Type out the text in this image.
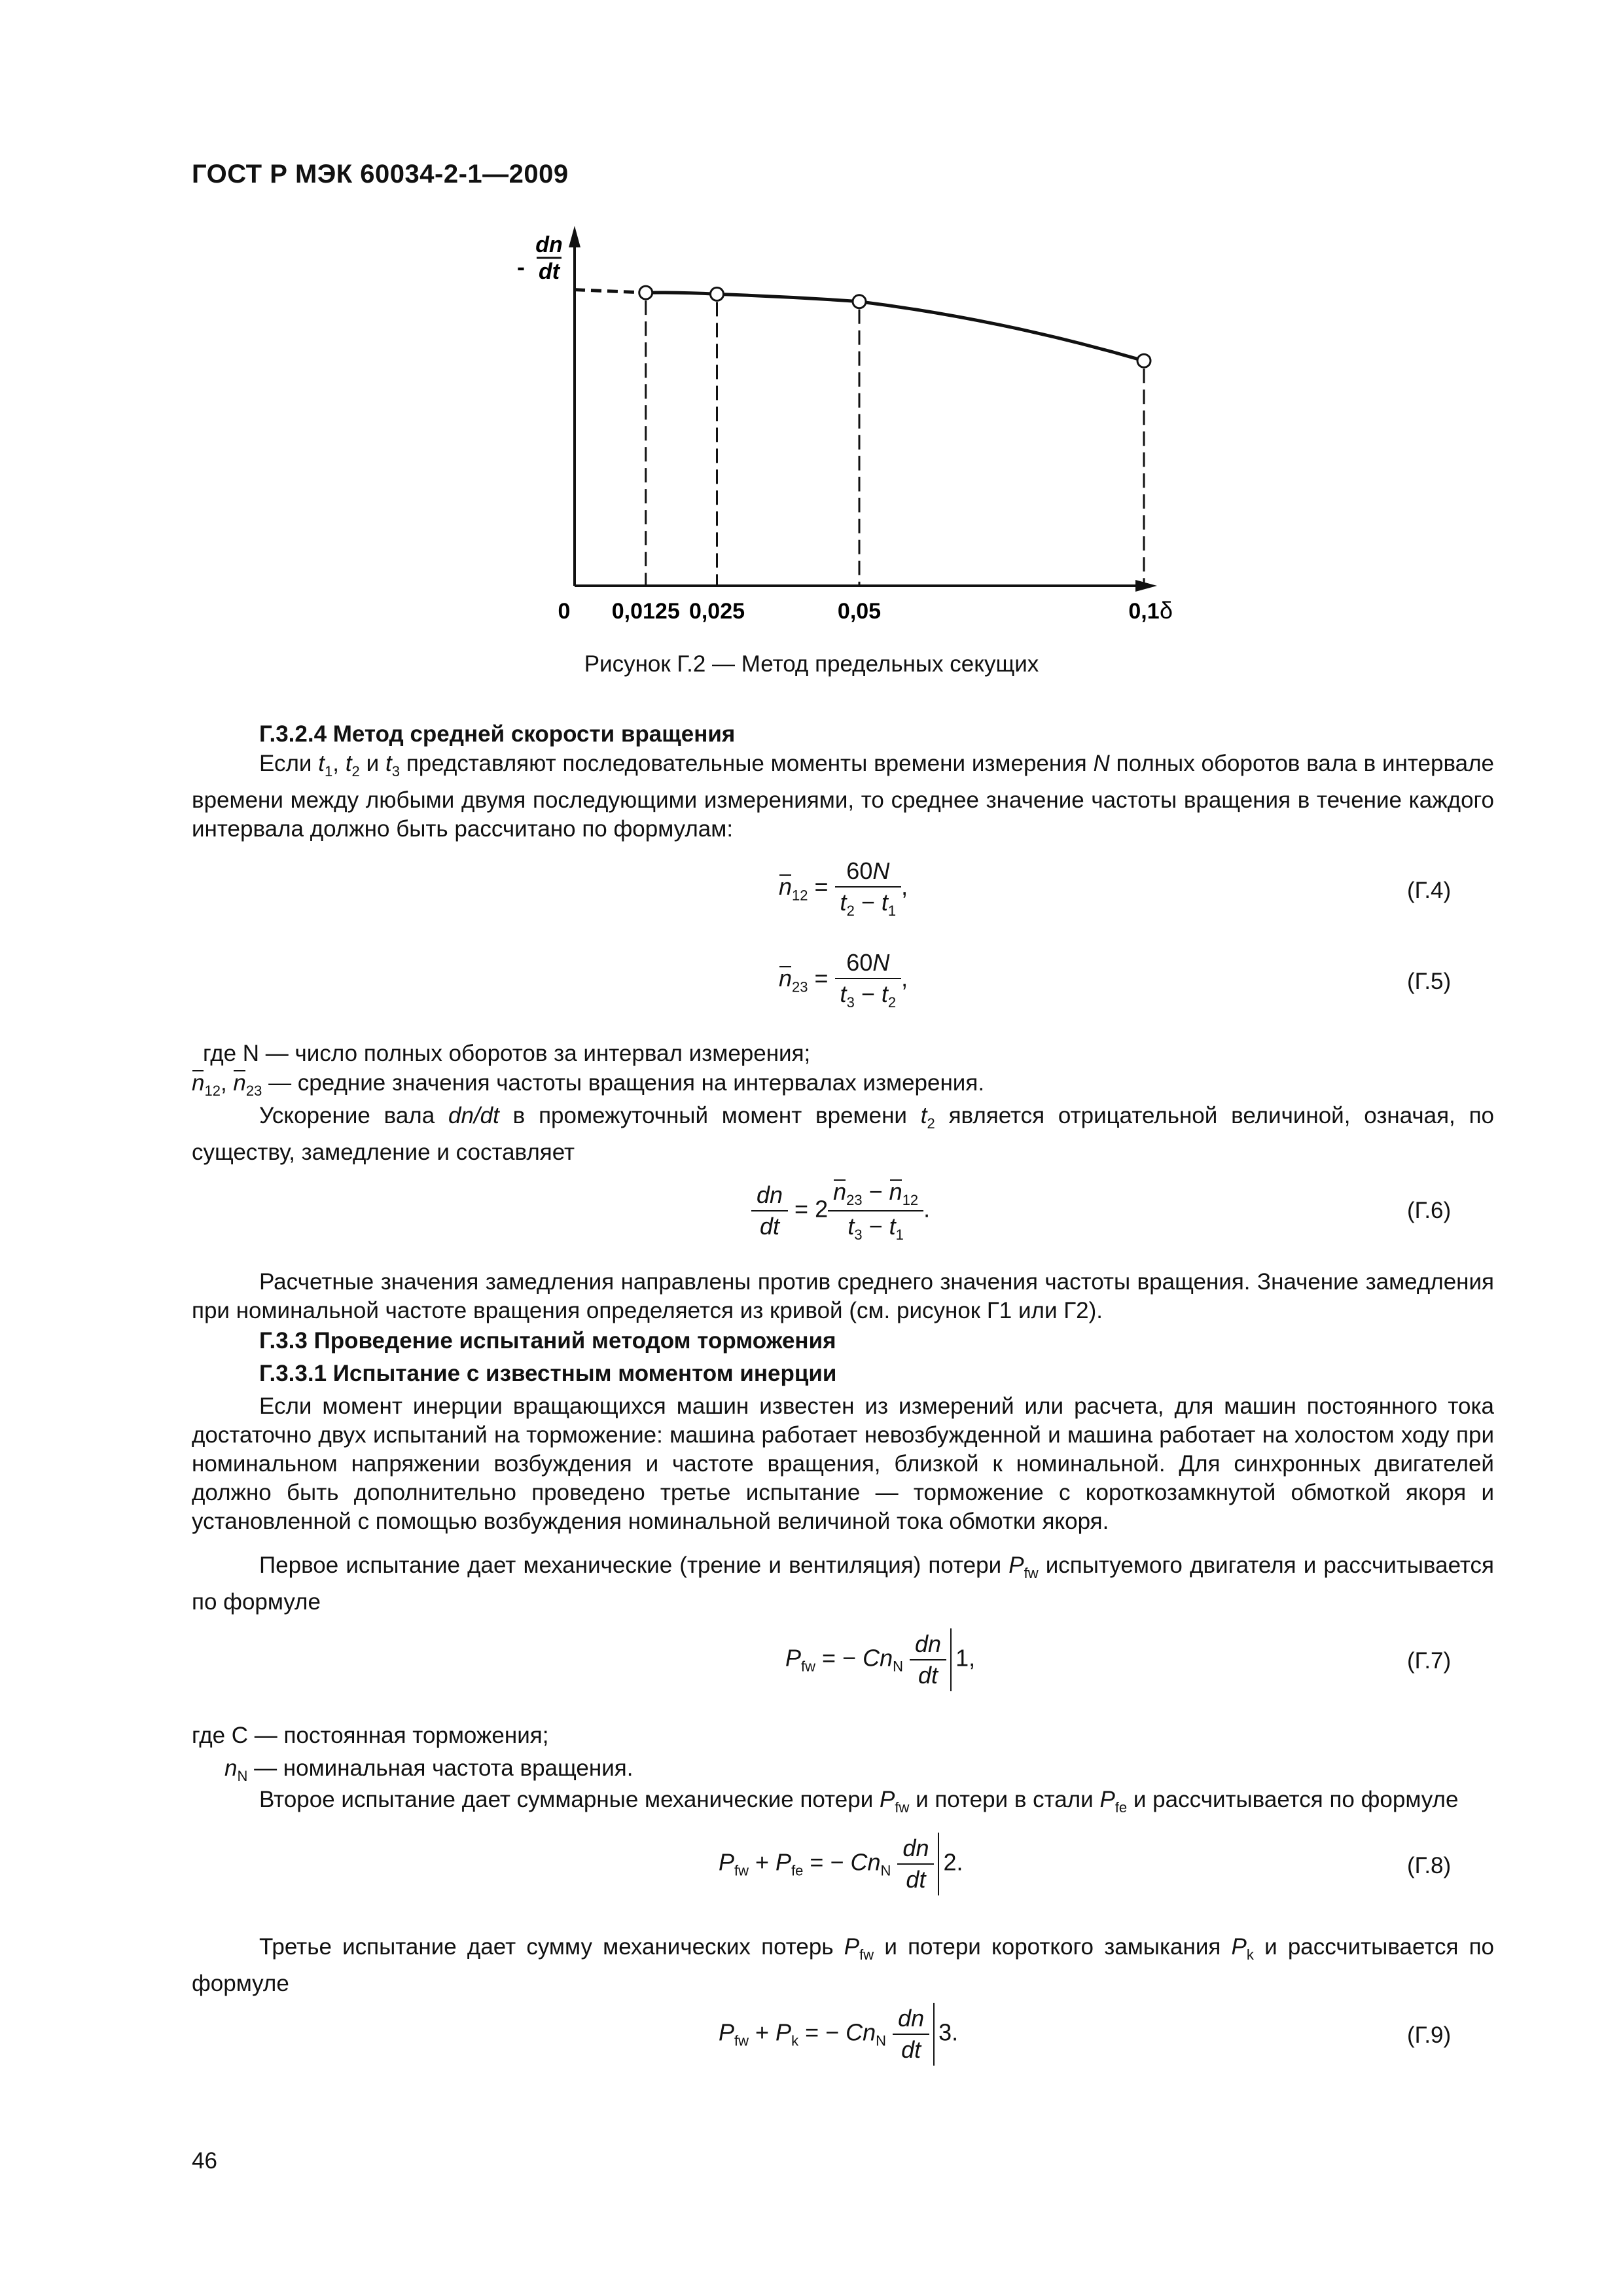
ГОСТ Р МЭК 60034-2-1—2009
-
dn
dt
0 0,0125 0,025	0,05	0,1 δ
Рисунок Г.2 — Метод предельных секущих
Г.3.2.4 Метод средней скорости вращения
Если $t_1$, $t_2$ и $t_3$ представляют последовательные моменты времени измерения N полных оборотов вала в интервале времени между любыми двумя последующими измерениями, то среднее значение частоты вращения в течение каждого интервала должно быть рассчитано по формулам:
$n_{12} = \frac{60N}{t_2 - t_1}$ ,	(Г.4)
$n_{23} = \frac{60N}{t_3 - t_2}$ ,	(Г.5)
где N — число полных оборотов за интервал измерения;
$n_{12}$, $n_{23}$ — средние значения частоты вращения на интервалах измерения.
Ускорение вала dn/dt в промежуточный момент времени $t_2$ является отрицательной величиной, означая, по существу, замедление и составляет
$\frac{dn}{dt} = 2 \frac{n_{23} - n_{12}}{t_3 - t_1}$ .	(Г.6)
Расчетные значения замедления направлены против среднего значения частоты вращения. Значение замедления при номинальной частоте вращения определяется из кривой (см. рисунок Г1 или Г2).
Г.3.3 Проведение испытаний методом торможения
Г.3.3.1 Испытание с известным моментом инерции
Если момент инерции вращающихся машин известен из измерений или расчета, для машин постоянного тока достаточно двух испытаний на торможение: машина работает невозбужденной и машина работает на холостом ходу при номинальном напряжении возбуждения и частоте вращения, близкой к номинальной. Для синхронных двигателей должно быть дополнительно проведено третье испытание — торможение с короткозамкнутой обмоткой якоря и установленной с помощью возбуждения номинальной величиной тока обмотки якоря.
Первое испытание дает механические (трение и вентиляция) потери $P_{fw}$ испытуемого двигателя и рассчитывается по формуле
$P_{fw}$ = − $Cn_N \frac{dn}{dt} 1$,	(Г.7)
где C — постоянная торможения;
$n_N$ — номинальная частота вращения.
Второе испытание дает суммарные механические потери $P_{fw}$ и потери в стали $P_{fe}$ и рассчитывается по формуле
$P_{fw} + P_{fe}$ = − $Cn_N \frac{dn}{dt} 2$.	(Г.8)
Третье испытание дает сумму механических потерь $P_{fw}$ и потери короткого замыкания $P_k$ и рассчитывается по формуле
$P_{fw} + P_k$ = − $Cn_N \frac{dn}{dt} 3$.	(Г.9)
46
